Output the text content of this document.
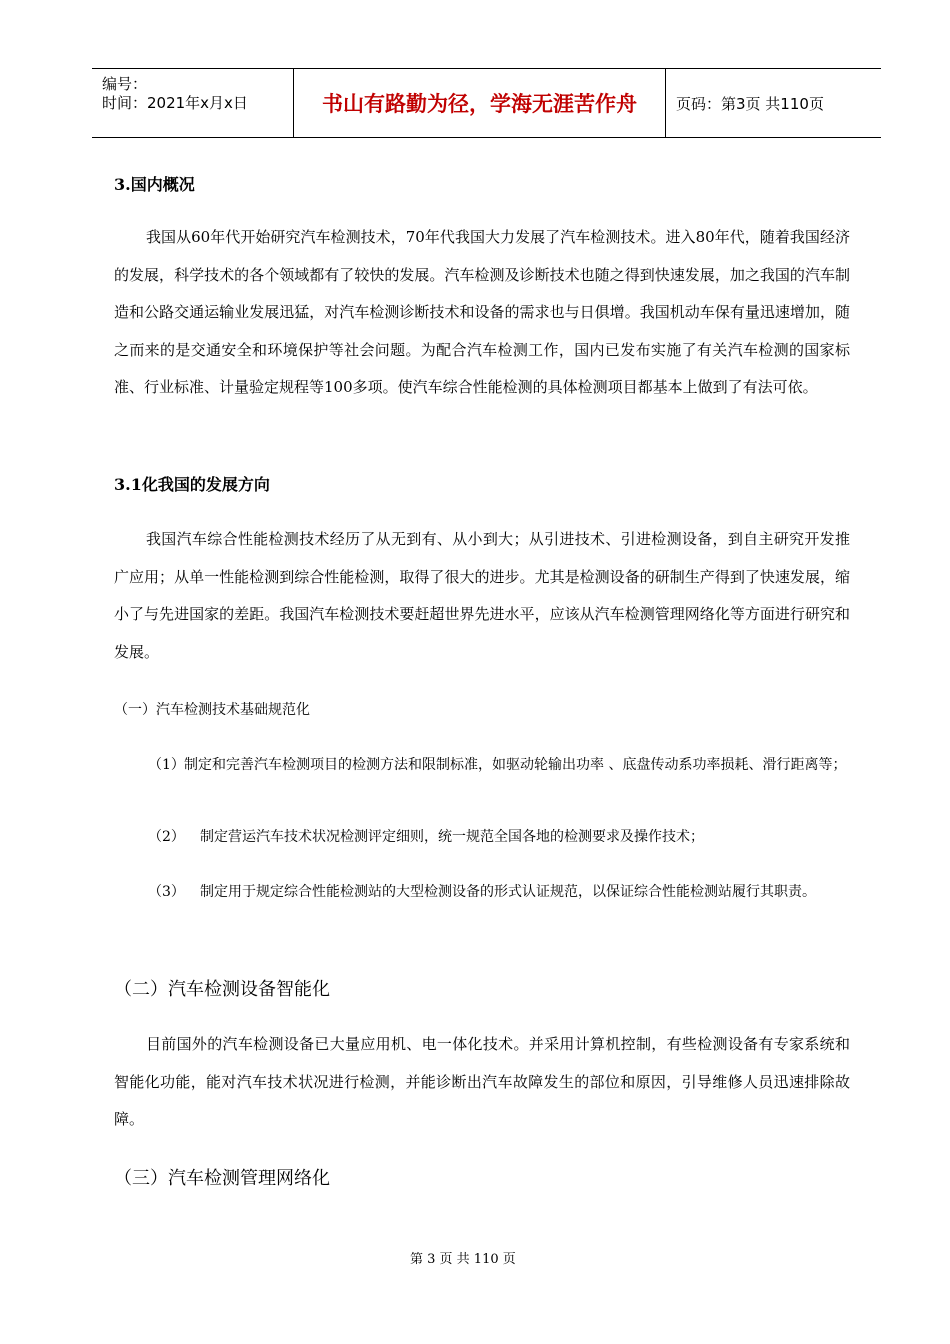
编号：
时间：2021年x月x日	书山有路勤为径，学海无涯苦作舟	页码：第3页 共110页
3.国内概况
我国从60年代开始研究汽车检测技术，70年代我国大力发展了汽车检测技术。进入80年代，随着我国经济的发展，科学技术的各个领域都有了较快的发展。汽车检测及诊断技术也随之得到快速发展，加之我国的汽车制造和公路交通运输业发展迅猛，对汽车检测诊断技术和设备的需求也与日俱增。我国机动车保有量迅速增加，随之而来的是交通安全和环境保护等社会问题。为配合汽车检测工作，国内已发布实施了有关汽车检测的国家标准、行业标准、计量验定规程等100多项。使汽车综合性能检测的具体检测项目都基本上做到了有法可依。
3.1化我国的发展方向
我国汽车综合性能检测技术经历了从无到有、从小到大；从引进技术、引进检测设备，到自主研究开发推广应用；从单一性能检测到综合性能检测，取得了很大的进步。尤其是检测设备的研制生产得到了快速发展，缩小了与先进国家的差距。我国汽车检测技术要赶超世界先进水平，应该从汽车检测管理网络化等方面进行研究和发展。
（一）汽车检测技术基础规范化
（1） 制定和完善汽车检测项目的检测方法和限制标准，如驱动轮输出功率 、底盘传动系功率损耗、滑行距离等；
（2）	制定营运汽车技术状况检测评定细则，统一规范全国各地的检测要求及操作技术；
（3）	制定用于规定综合性能检测站的大型检测设备的形式认证规范，以保证综合性能检测站履行其职责。
（二）汽车检测设备智能化
目前国外的汽车检测设备已大量应用机、电一体化技术。并采用计算机控制，有些检测设备有专家系统和智能化功能，能对汽车技术状况进行检测，并能诊断出汽车故障发生的部位和原因，引导维修人员迅速排除故障。
（三）汽车检测管理网络化
第 3 页 共 110 页
